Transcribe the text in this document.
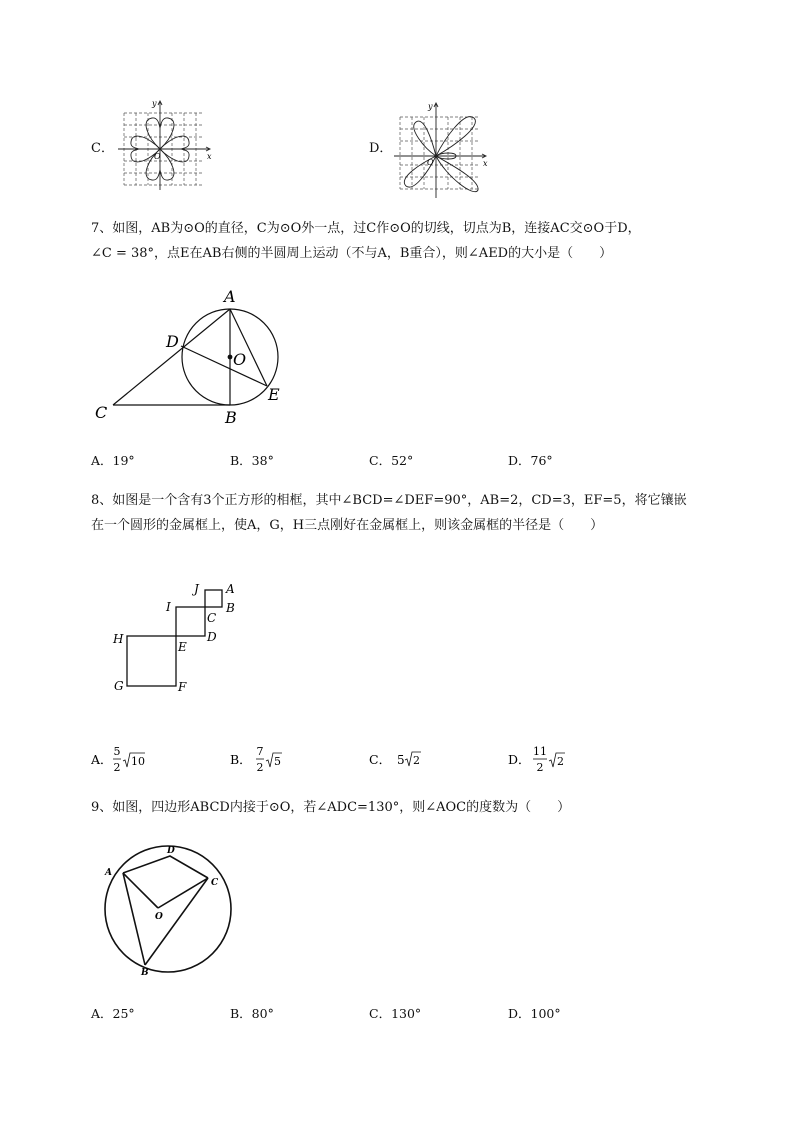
C．
O	x
y
D．
O	x
y
7、如图，AB为⊙O的直径，C为⊙O外一点，过C作⊙O的切线，切点为B，连接AC交⊙O于D，
∠C = 38°，点E在AB右侧的半圆周上运动（不与A，B重合），则∠AED的大小是（　　）
A
D
O
E
C	B
A．19°	B．38°	C．52°	D．76°
8、如图是一个含有3个正方形的相框，其中∠BCD=∠DEF=90°，AB=2，CD=3，EF=5，将它镶嵌
在一个圆形的金属框上，使A，G，H三点刚好在金属框上，则该金属框的半径是（　　）
J A
I	B
C
H	D
E
G	F
A．
5
2 10	B．
7
2 5	C． 5 2	D．
11
2 2
9、如图，四边形ABCD内接于⊙O，若∠ADC=130°，则∠AOC的度数为（　　）
A
D
C
O
B
A．25°	B．80°	C．130°	D．100°
